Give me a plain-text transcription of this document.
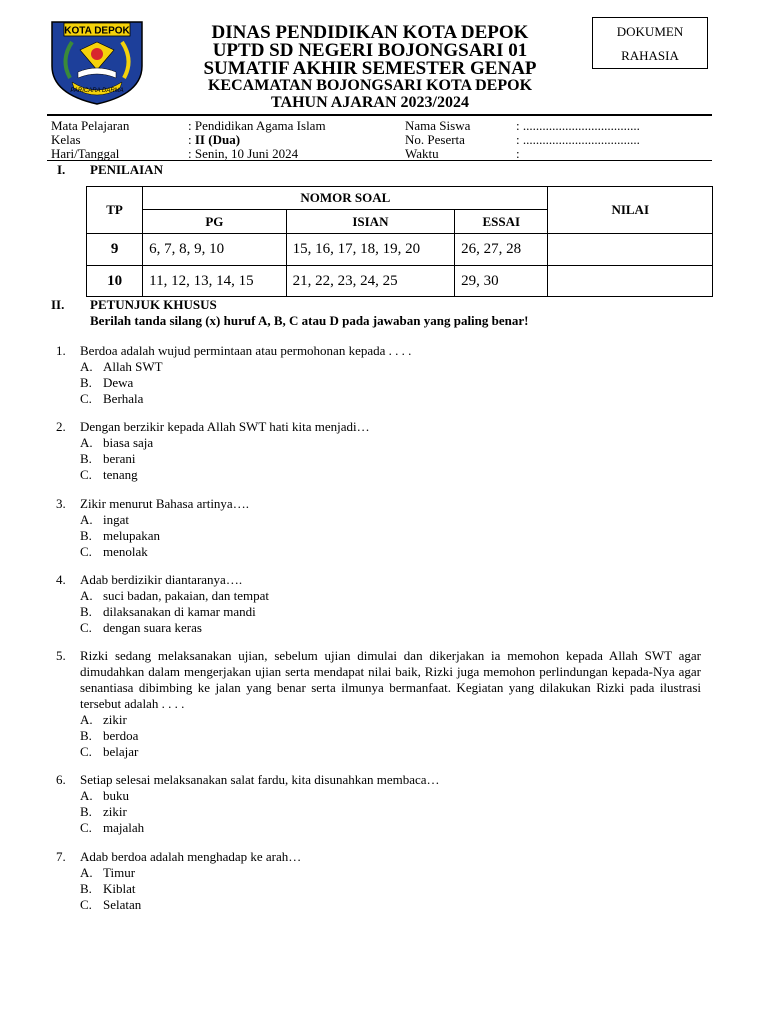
KOTA DEPOK
PARICARA DARMA
DINAS PENDIDIKAN KOTA DEPOK
UPTD SD NEGERI BOJONGSARI 01
SUMATIF AKHIR SEMESTER GENAP
KECAMATAN BOJONGSARI KOTA DEPOK
TAHUN AJARAN 2023/2024
DOKUMEN
RAHASIA
Mata Pelajaran	: Pendidikan Agama Islam
Kelas	: II (Dua)
Hari/Tanggal	: Senin, 10 Juni 2024
Nama Siswa	: ....................................
No. Peserta	: ....................................
Waktu	:
I. PENILAIAN
TP	NOMOR SOAL			NILAI
	PG	ISIAN	ESSAI	
9	6, 7, 8, 9, 10	15, 16, 17, 18, 19, 20	26, 27, 28	
10	11, 12, 13, 14, 15	21, 22, 23, 24, 25	29, 30	
II. PETUNJUK KHUSUS
Berilah tanda silang (x) huruf A, B, C atau D pada jawaban yang paling benar!
1. Berdoa adalah wujud permintaan atau permohonan kepada . . . .
A. Allah SWT
B. Dewa
C. Berhala
2. Dengan berzikir kepada Allah SWT hati kita menjadi…
A. biasa saja
B. berani
C. tenang
3. Zikir menurut Bahasa artinya….
A. ingat
B. melupakan
C. menolak
4. Adab berdizikir diantaranya….
A. suci badan, pakaian, dan tempat
B. dilaksanakan di kamar mandi
C. dengan suara keras
5. Rizki sedang melaksanakan ujian, sebelum ujian dimulai dan dikerjakan ia memohon kepada Allah SWT agar dimudahkan dalam mengerjakan ujian serta mendapat nilai baik, Rizki juga memohon perlindungan kepada-Nya agar senantiasa dibimbing ke jalan yang benar serta ilmunya bermanfaat. Kegiatan yang dilakukan Rizki pada ilustrasi tersebut adalah . . . .
A. zikir
B. berdoa
C. belajar
6. Setiap selesai melaksanakan salat fardu, kita disunahkan membaca…
A. buku
B. zikir
C. majalah
7. Adab berdoa adalah menghadap ke arah…
A. Timur
B. Kiblat
C. Selatan
